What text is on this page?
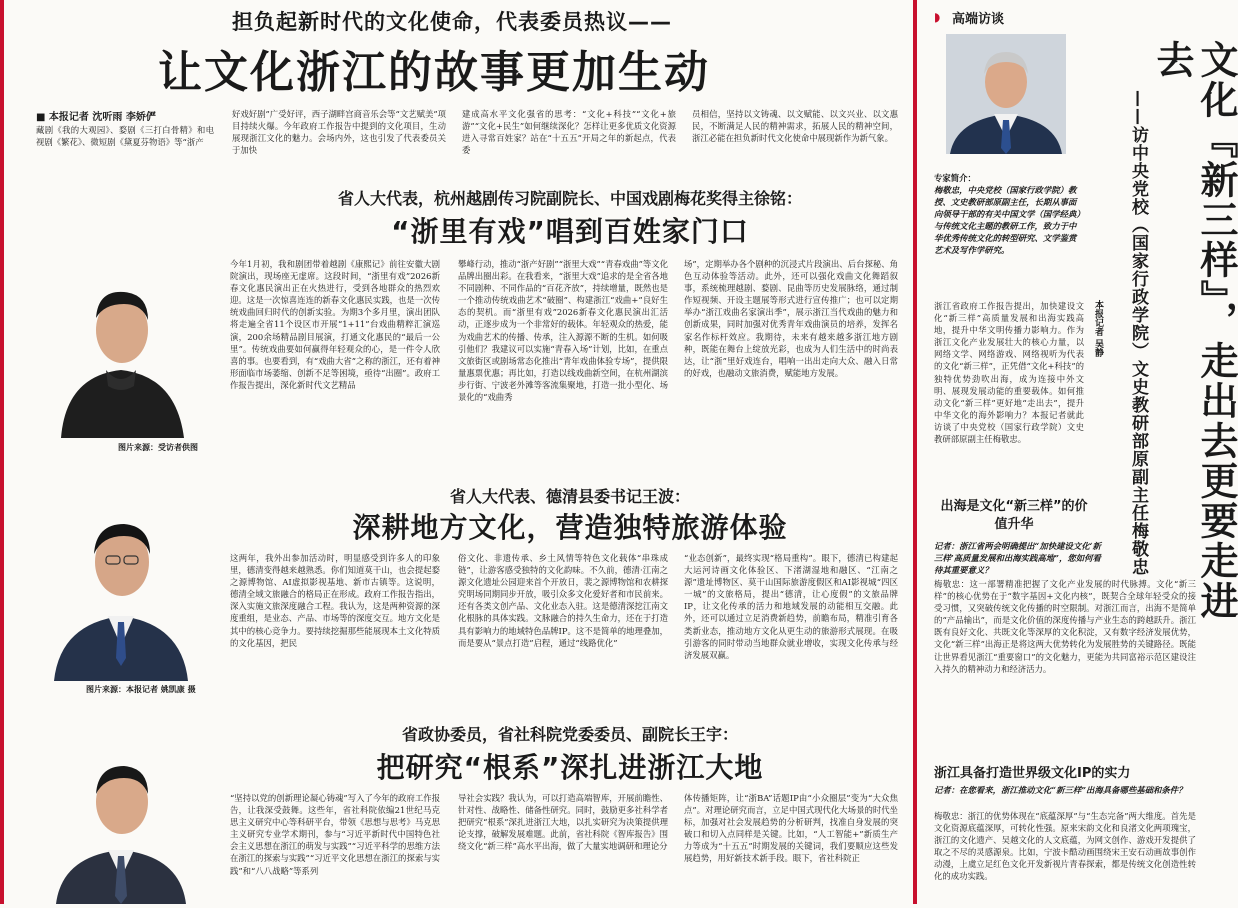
担负起新时代的文化使命，代表委员热议——
让文化浙江的故事更加生动
■ 本报记者 沈听雨 李娇俨
藏剧《我的大观园》、婺剧《三打白骨精》和电视剧《繁花》、微短剧《黛夏芬物语》等“浙产
好戏好剧”广受好评，西子湖畔宫商音乐会等“文艺赋美”项目持续火爆。今年政府工作报告中提到的文化项目，生动展现浙江文化的魅力。会场内外，这也引发了代表委员关于加快
建成高水平文化强省的思考：“文化+科技”“文化+旅游”“文化+民生”如何继续深化？怎样让更多优质文化资源进入寻常百姓家？站在“十五五”开局之年的新起点，代表委
员相信，坚持以文铸魂、以文赋能、以文兴业、以文惠民，不断满足人民的精神需求，拓展人民的精神空间，浙江必能在担负新时代文化使命中展现新作为新气象。
省人大代表，杭州越剧传习院副院长、中国戏剧梅花奖得主徐铭：
“浙里有戏”唱到百姓家门口
图片来源：受访者供图
今年1月初，我和剧团带着越剧《康熙记》前往安徽大剧院演出，现场座无虚席。这段时间，“浙里有戏”2026新春文化惠民演出正在火热进行，受到各地群众的热烈欢迎。这是一次惊喜连连的新春文化惠民实践，也是一次传统戏曲回归时代的创新实验。为期3个多月里，演出团队将走遍全省11个设区市开展“1+11”台戏曲精粹汇演巡演，200余场精品剧目展演，打通文化惠民的“最后一公里”。传统戏曲要如何赢得年轻观众的心，是一件令人欣喜的事。也要看到，有“戏曲大省”之称的浙江，还有着神形面临市场萎缩、创新不足等困境，亟待“出圈”。政府工作报告提出，深化新时代文艺精品
攀峰行动，推动“浙产好剧”“浙里大戏”“青春戏曲”等文化品牌出圈出彩。在我看来，“浙里大戏”追求的是全省各地不同剧种、不同作品的“百花齐放”，持续增量，既然也是一个推动传统戏曲艺术“破圈”、构建浙江“戏曲+”良好生态的契机。而“浙里有戏”2026新春文化惠民演出汇活动，正逐步成为一个非常好的载体。年轻观众的热爱，能为戏曲艺术的传播、传承，注入源源不断的生机。如何吸引他们？我建议可以实施“青春入场”计划，比如，在重点文旅街区或剧场常态化推出“青年戏曲体验专场”，提供限量惠票优惠；再比如，打造以线戏曲新空间，在杭州湖滨步行街、宁波老外滩等客流集聚地，打造一批小型化、场景化的“戏曲秀
场”，定期举办各个剧种的沉浸式片段演出、后台探秘、角色互动体验等活动。此外，还可以强化戏曲文化舞蹈叙事，系统梳理越剧、婺剧、昆曲等历史发展脉络，通过制作短视频、开设主题展等形式进行宣传推广；也可以定期举办“浙江戏曲名家演出季”，展示浙江当代戏曲的魅力和创新成果，同时加强对优秀青年戏曲演员的培养，发挥名家名作标杆效应。我期待，未来有越来越多浙江地方剧种，既能在舞台上绽放光彩，也成为人们生活中的时尚表达，让“浙”里好戏连台，唱响一出出走向大众、融入日常的好戏，也融动文旅消费，赋能地方发展。
省人大代表、德清县委书记王波：
深耕地方文化，营造独特旅游体验
图片来源：本报记者 姚凯康 摄
这两年，我外出参加活动时，明显感受到许多人的印象里，德清变得越来越熟悉。你们知道莫干山，也会提起婺之源博物馆、AI虚拟影视基地、新市古镇等。这说明，德清全域文旅融合的格局正在形成。政府工作报告指出，深入实施文旅深度融合工程。我认为，这是两种资源的深度重组，是业态、产品、市场等的深度交互。地方文化是其中的核心竞争力。要持续挖掘那些能展现本土文化特质的文化基因，把民
俗文化、非遗传承、乡土风情等特色文化载体“串珠成链”，让游客感受独特的文化韵味。不久前，德清·江南之源文化遗址公园迎来首个开放日，裴之源博物馆和农耕探究明场同期同步开放，吸引众多文化爱好者和市民前来。还有各类文创产品、文化业态入驻。这是德清深挖江南文化根脉的具体实践。文脉融合的持久生命力，还在于打造具有影响力的地域特色品牌IP。这不是简单的地理叠加，而是要从“景点打造”启程，通过“线路优化”
“业态创新”，最终实现“格局重构”。眼下，德清已构建起大运河诗画文化体验区、下渚湖湿地和融区、“江南之源”遗址博物区、莫干山国际旅游度假区和AI影视城“四区一城”的文旅格局，提出“德清，让心度假”的文旅品牌IP，让文化传承的活力和地域发展的动能相互交融。此外，还可以通过立足消费新趋势，前瞻布局，精准引育各类新业态，推动地方文化从更生动的旅游形式展现。在吸引游客的同时带动当地群众就业增收，实现文化传承与经济发展双赢。
省政协委员，省社科院党委委员、副院长王宇：
把研究“根系”深扎进浙江大地
“坚持以党的创新理论凝心铸魂”写入了今年的政府工作报告，让我深受鼓舞。这些年，省社科院依编21世纪马克思主义研究中心等科研平台，带领《思想与思考》马克思主义研究专业学术期刊，参与“习近平新时代中国特色社会主义思想在浙江的萌发与实践”“习近平科学的思维方法在浙江的探索与实践”“习近平文化思想在浙江的探索与实践”和“八八战略”等系列
导社会实践？我认为，可以打造高端智库，开展前瞻性、针对性、战略性、储备性研究。同时，鼓励更多社科学者把研究“根系”深扎进浙江大地，以扎实研究为决策提供理论支撑，破解发展难题。此前，省社科院《智库报告》围绕文化“新三样”高水平出海，做了大量实地调研和理论分
体传播矩阵，让“浙BA”话题IP由“小众圈层”变为“大众焦点”。对理论研究而言，立足中国式现代化大场景的时代坐标，加强对社会发展趋势的分析研判，找准自身发展的突破口和切入点同样是关键。比如，“人工智能+”新质生产力等成为“十五五”时期发展的关键词，我们要顺应这些发展趋势，用好新技术新手段。眼下，省社科院正
◗ 高端访谈
文化『新三样』，走出去更要走进去
——访中央党校（国家行政学院）文史教研部原副主任梅敬忠
本报记者 吴静
专家简介：
梅敬忠，中央党校（国家行政学院）教授、文史教研部原副主任，长期从事面向领导干部的有关中国文学（国学经典）与传统文化主题的教研工作，致力于中华优秀传统文化的转型研究、文学鉴赏艺术及写作学研究。
浙江省政府工作报告提出，加快建设文化“新三样”高质量发展和出海实践高地，提升中华文明传播力影响力。作为浙江文化产业发展壮大的核心力量，以网络文学、网络游戏、网络视听为代表的文化“新三样”，正凭借“文化+科技”的独特优势劲吹出海，成为连接中外文明、展现发展动能的重要载体。如何推动文化“新三样”更好地“走出去”，提升中华文化的海外影响力？本报记者就此访谈了中央党校（国家行政学院）文史教研部原副主任梅敬忠。
出海是文化“新三样”的价值升华
记者：浙江省两会明确提出“加快建设文化‘新三样’高质量发展和出海实践高地”，您如何看待其重要意义？
梅敬忠：这一部署精准把握了文化产业发展的时代脉搏。文化“新三样”的核心优势在于“数字基因+文化内核”，既契合全球年轻受众的接受习惯，又突破传统文化传播的时空限制。对浙江而言，出海不是简单的“产品输出”，而是文化价值的深度传播与产业生态的跨越跃升。浙江既有良好文化、共既文化等深厚的文化积淀，又有数字经济发展优势，文化“新三样”出海正是将这两大优势转化为发展胜势的关键路径。既能让世界看见浙江“重要窗口”的文化魅力，更能为共同富裕示范区建设注入持久的精神动力和经济活力。
浙江具备打造世界级文化IP的实力
记者：在您看来，浙江推动文化“新三样”出海具备哪些基础和条件？
梅敬忠：浙江的优势体现在“底蕴深厚”与“生态完备”两大维度。首先是文化资源底蕴深厚，可转化性强。原来宋韵文化和良渚文化两项瑰宝，浙江的文化遗产、吴越文化的人文底蕴，为网文创作、游戏开发提供了取之不尽的灵感源泉。比如，宁波卡酷动画围绕宋王安石动画故事创作动漫，上虞立足红色文化开发新视片青春探索，都是传统文化创造性转化的成功实践。
